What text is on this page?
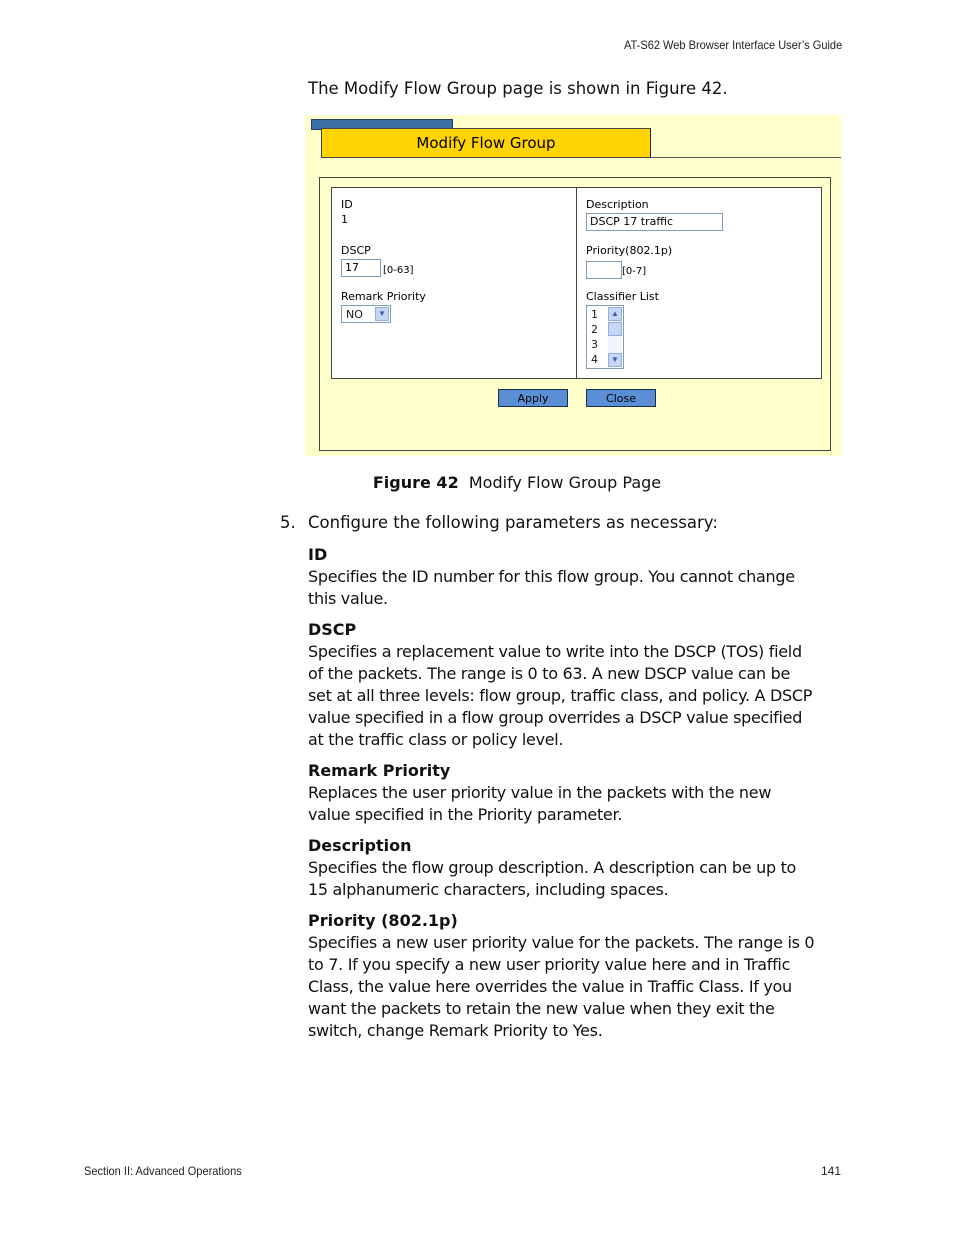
AT-S62 Web Browser Interface User’s Guide
The Modify Flow Group page is shown in Figure 42.
Modify Flow Group
ID
1
DSCP
17	[0-63]
Remark Priority
NO	▼
Description
DSCP 17 traffic
Priority(802.1p)
[0-7]
Classifier List
1
2
3
4
▲
▼
Apply	Close
Figure 42 Modify Flow Group Page
5. Configure the following parameters as necessary:
ID
Specifies the ID number for this flow group. You cannot change this value.
DSCP
Specifies a replacement value to write into the DSCP (TOS) field of the packets. The range is 0 to 63. A new DSCP value can be set at all three levels: flow group, traffic class, and policy. A DSCP value specified in a flow group overrides a DSCP value specified at the traffic class or policy level.
Remark Priority
Replaces the user priority value in the packets with the new value specified in the Priority parameter.
Description
Specifies the flow group description. A description can be up to 15 alphanumeric characters, including spaces.
Priority (802.1p)
Specifies a new user priority value for the packets. The range is 0 to 7. If you specify a new user priority value here and in Traffic Class, the value here overrides the value in Traffic Class. If you want the packets to retain the new value when they exit the switch, change Remark Priority to Yes.
Section II: Advanced Operations	141
